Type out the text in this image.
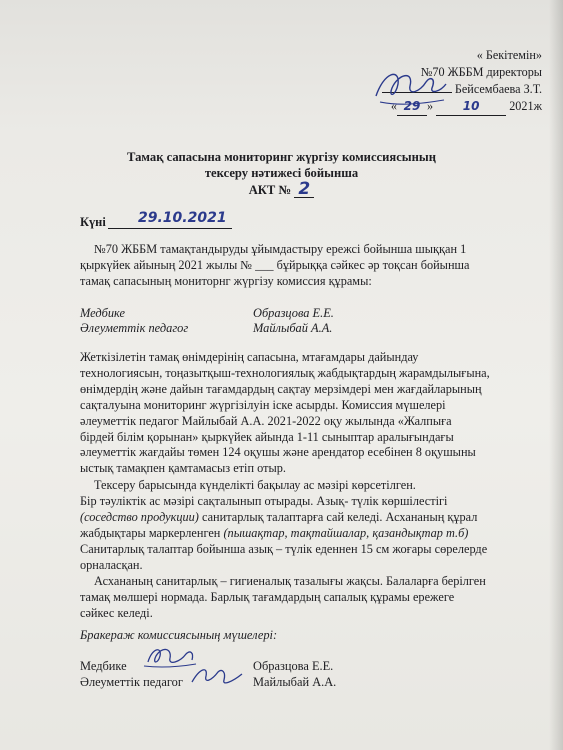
« Бекітемін»
№70 ЖББМ директоры
Бейсембаева З.Т.
« 29 » 10 2021ж
Тамақ сапасына мониторинг жүргізу комиссиясының
тексеру нәтижесі бойынша
АКТ № 2
Күні 29.10.2021
№70 ЖББМ тамақтандыруды ұйымдастыру ережсі бойынша шыққан 1
қыркүйек айының 2021 жылы № ___ бұйрыққа сәйкес әр тоқсан бойынша
тамақ сапасының мониторнг жүргізу комиссия құрамы:
Медбике	Образцова Е.Е.
Әлеуметтік педагог	Майлыбай А.А.
Жеткізілетін тамақ өнімдерінің сапасына, мтағамдары дайындау
технологиясын, тоңазытқыш-технологиялық жабдықтардың жарамдылығына,
өнімдердің және дайын тағамдардың сақтау мерзімдері мен жағдайларының
сақталуына мониторинг жүргізілуін іске асырды. Комиссия мүшелері
әлеуметтік педагог Майлыбай А.А. 2021-2022 оқу жылында «Жалпыға
бірдей білім қорынан» қыркүйек айында 1-11 сыныптар аралығындағы
әлеуметтік жағдайы төмен 124 оқушы және арендатор есебінен 8 оқушыны
ыстық тамақпен қамтамасыз етіп отыр.
Тексеру барысында күнделікті бақылау ас мәзірі көрсетілген.
Бір тәуліктік ас мәзірі сақталынып отырады. Азық- түлік көршілестігі
(соседство продукции) санитарлық талаптарға сай келеді. Асхананың құрал
жабдықтары маркерленген (пышақтар, тақтайшалар, қазандықтар т.б)
Санитарлық талаптар бойынша азық – түлік еденнен 15 см жоғары сөрелерде
орналасқан.
Асхананың санитарлық – гигиеналық тазалығы жақсы. Балаларға берілген
тамақ мөлшері нормада. Барлық тағамдардың сапалық құрамы ережеге
сәйкес келеді.
Бракераж комиссиясының мүшелері:
Медбике	Образцова Е.Е.
Әлеуметтік педагог	Майлыбай А.А.
